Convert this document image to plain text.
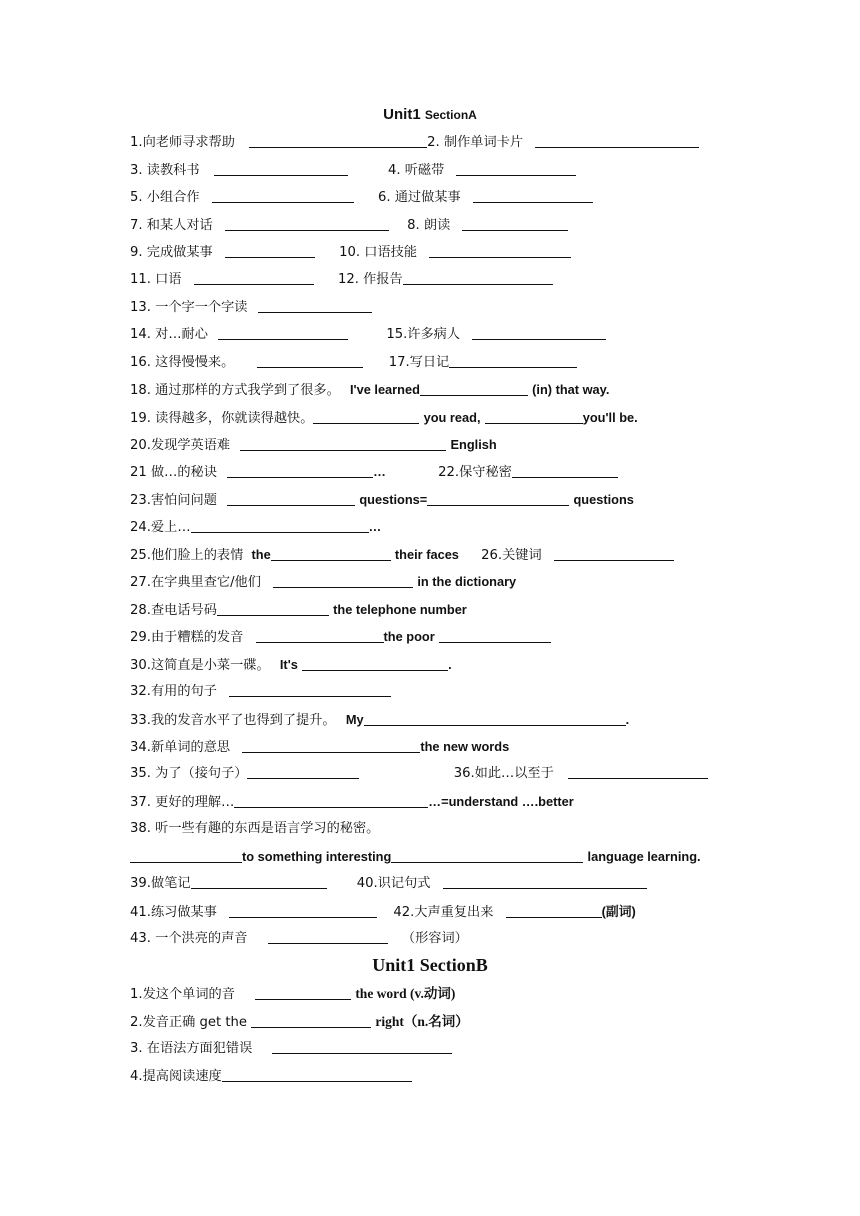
Unit1 SectionA
1.向老师寻求帮助	2. 制作单词卡片
3. 读教科书	4. 听磁带
5. 小组合作	6. 通过做某事
7. 和某人对话	8. 朗读
9. 完成做某事	10. 口语技能
11. 口语	12. 作报告
13. 一个字一个字读
14. 对…耐心	15.许多病人
16. 这得慢慢来。	17.写日记
18. 通过那样的方式我学到了很多。 I've learned	(in) that way.
19. 读得越多，你就读得越快。	you read,	you'll be.
20.发现学英语难	English
21 做…的秘诀	…	22.保守秘密
23.害怕问问题	questions=	questions
24.爱上…	…
25.他们脸上的表情 the	their faces 26.关键词
27.在字典里查它/他们	in the dictionary
28.查电话号码	the telephone number
29.由于糟糕的发音	the poor
30.这简直是小菜一碟。 It's	.
32.有用的句子
33.我的发音水平了也得到了提升。 My	.
34.新单词的意思	the new words
35. 为了（接句子）	36.如此…以至于
37. 更好的理解…	…=understand ….better
38. 听一些有趣的东西是语言学习的秘密。
to something interesting	language learning.
39.做笔记	40.识记句式
41.练习做某事	42.大声重复出来	(副词)
43. 一个洪亮的声音	（形容词）
Unit1 SectionB
1.发这个单词的音	the word (v.动词)
2.发音正确 get the	right（n.名词）
3. 在语法方面犯错误
4.提高阅读速度
